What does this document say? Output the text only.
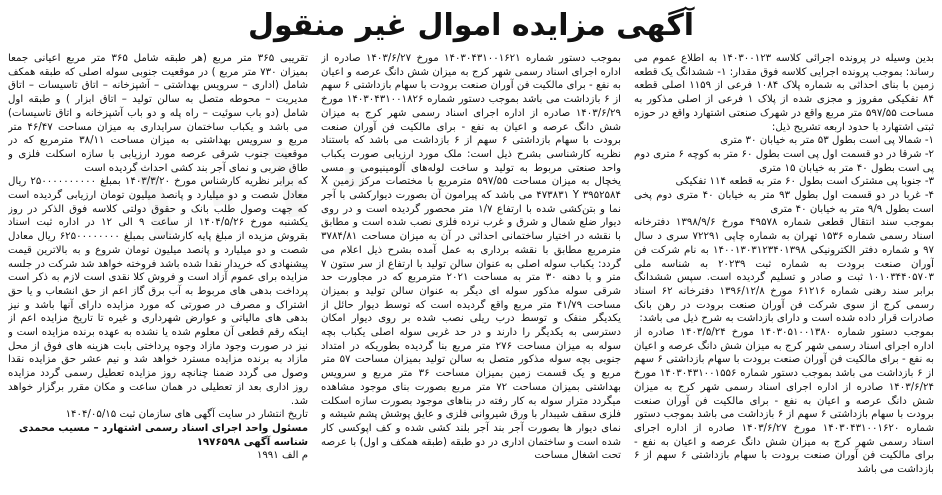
آگهی مزایده اموال غیر منقول

بدین وسیله در پرونده اجرائی کلاسه ۱۴۰۳۰۰۱۲۳ به اطلاع عموم می رساند: بموجب پرونده اجرایی کلاسه فوق مقدار: ۱- ششدانگ یک قطعه زمین با بنای احداثی به شماره پلاک ۱۰۸۴ فرعی از ۱۱۵۹ اصلی قطعه ۸۴ تفکیکی مفروز و مجزی شده از پلاک ۱ فرعی از اصلی مذکور به مساحت ۵۹۷/۵۵ متر مربع واقع در شهرک صنعتی اشتهارد واقع در حوزه ثبتی اشتهارد با حدود اربعه تشریح ذیل:

۱- شمالا پی است بطول ۵۳ متر به خیابان ۳۰ متری

۲- شرقا در دو قسمت اول پی است بطول ۶۰ متر به کوچه ۶ متری دوم پی است بطول ۴۰ متر به خیابان ۱۵ متری

۳- جنوبا پی مشترک است بطول ۶۰ متر به قطعه ۱۱۴ تفکیکی

۴- غربا در دو قسمت اول بطول ۹۳ متر به خیابان ۴۰ متری دوم پخی است بطول ۹/۹ متر به خیابان ۴۰ متری

بموجب سند انتقال قطعی شماره ۴۹۵۷۸ مورخ ۱۳۹۸/۹/۶ دفترخانه اسناد رسمی شماره ۱۵۳۶ تهران به شماره چاپی ۷۲۲۹۱ سری د سال ۹۷ و شماره دفتر الکترونیکی ۱۴۰۰۱۳۰۳۱۲۳۴۰۱۳۹۸ به نام شرکت فن آوران صنعت برودت به شماره ثبت ۲۰۲۳۹ به شناسه ملی ۱۰۱۰۳۴۴۰۵۷۰۳ ثبت و صادر و تسلیم گردیده است. سپس ششدانگ برابر سند رهنی شماره ۶۱۲۱۶ مورخ ۱۳۹۶/۱۲/۸ دفترخانه ۶۲ اسناد رسمی کرج از سوی شرکت فن آوران صنعت برودت در رهن بانک صادرات قرار داده شده است و دارای بازداشت به شرح ذیل می باشد:

بموجب دستور شماره ۱۴۰۳۰۵۱۰۰۱۳۸۰ مورخ ۱۴۰۳/۵/۲۴ صادره از اداره اجرای اسناد رسمی شهر کرج به میزان شش دانگ عرصه و اعیان به نفع - برای مالکیت فن آوران صنعت برودت با سهام بازداشتی ۶ سهم از ۶ بازداشت می باشد بموجب دستور شماره ۱۴۰۳۰۴۳۱۰۰۱۵۵۶ مورخ ۱۴۰۳/۶/۲۴ صادره از اداره اجرای اسناد رسمی شهر کرج به میزان شش دانگ عرصه و اعیان به نفع - برای مالکیت فن آوران صنعت برودت با سهام بازداشتی ۶ سهم از ۶ بازداشت می باشد بموجب دستور شماره ۱۴۰۳۰۴۳۱۰۰۱۶۲۰ مورخ ۱۴۰۳/۶/۲۷ صادره از اداره اجرای اسناد رسمی شهر کرج به میزان شش دانگ عرصه و اعیان به نفع - برای مالکیت فن آوران صنعت برودت با سهام بازداشتی ۶ سهم از ۶ بازداشت می باشد

بموجب دستور شماره ۱۴۰۳۰۴۳۱۰۰۱۶۲۱ مورخ ۱۴۰۳/۶/۲۷ صادره از اداره اجرای اسناد رسمی شهر کرج به میزان شش دانگ عرصه و اعیان به نفع - برای مالکیت فن آوران صنعت برودت با سهام بازداشتی ۶ سهم از ۶ بازداشت می باشد بموجب دستور شماره ۱۴۰۳۰۴۳۱۰۰۱۸۲۶ مورخ ۱۴۰۳/۶/۲۹ صادره از اداره اجرای اسناد رسمی شهر کرج به میزان شش دانگ عرصه و اعیان به نفع - برای مالکیت فن آوران صنعت برودت با سهام بازداشتی ۶ سهم از ۶ بازداشت می باشد که باستناد نظریه کارشناسی بشرح ذیل است: ملک مورد ارزیابی صورت یکباب واحد صنعتی مربوط به تولید و ساخت لوله‌های آلومینیومی و مسی یخچال به میزان مساحت ۵۹۷/۵۵ مترمربع با مختصات مرکز زمین X ۴۷۳۸۳۱ Y ۳۹۵۲۵۸۴ می باشد که پیرامون آن بصورت دیوارکشی با آجر نما و بتن‌کشی شده با ارتفاع ۱/۷ متر محصور گردیده است و در روی دیوار ضلع شمال و شرق و غرب نرده فلزی نصب شده است و مطابق با نقشه در اختیار ساختمانی احداثی در آن به میزان مساحت ۳۷۸۴/۸۱ مترمربع مطابق با نقشه برداری به عمل آمده بشرح ذیل اعلام می گردد: یکباب سوله اصلی به عنوان سالن تولید با ارتفاع از سر ستون ۷ متر و با دهنه ۳۰ متر به مساحت ۲۰۲۱ مترمربع که در مجاورت حد شرقی سوله مذکور سوله ای دیگر به عنوان سالن تولید و بمیزان مساحت ۴۱/۷۹ متر مربع واقع گردیده است که توسط دیوار حائل از یکدیگر منفک و توسط درب ریلی نصب شده بر روی دیوار امکان دسترسی به یکدیگر را دارند و در حد غربی سوله اصلی یکباب بچه سوله به میزان مساحت ۲۷۶ متر مربع بنا گردیده بطوریکه در امتداد جنوبی بچه سوله مذکور متصل به سالن تولید بمیزان مساحت ۵۷ متر مربع و یک قسمت زمین بمیزان مساحت ۳۶ متر مربع و سرویس بهداشتی بمیزان مساحت ۷۲ متر مربع بصورت بنای موجود مشاهده میگردد مترار سوله به کار رفته در بناهای موجود بصورت سازه اسکلت فلزی سقف شیبدار با ورق شیروانی فلزی و عایق پوشش پشم شیشه و نمای دیوار ها بصورت آجر بند آجر بلند کشی شده و کف اپوکسی کار شده است و ساختمان اداری در دو طبقه (طبقه همکف و اول) با عرصه تحت اشغال مساحت

تقریبی ۳۶۵ متر مربع (هر طبقه شامل ۳۶۵ متر مربع اعیانی جمعا بمیزان ۷۳۰ متر مربع ) در موقعیت جنوبی سوله اصلی که طبقه همکف شامل (اداری – سرویس بهداشتی – آشپزخانه – اتاق تاسیسات – اتاق مدیریت – محوطه متصل به سالن تولید – اتاق ابزار ) و طبقه اول شامل (دو باب سوئیت – راه پله و دو باب آشپزخانه و اتاق تاسیسات) می باشد و یکباب ساختمان سرایداری به میزان مساحت ۴۶/۴۷ متر مربع و سرویس بهداشتی به میزان مساحت ۳۸/۱۱ مترمربع که در موقعیت جنوب شرقی عرصه مورد ارزیابی با سازه اسکلت فلزی و طاق ضربی و نمای آجر بند کشی احداث گردیده است

که برابر نظریه کارشناس مورخ ۱۴۰۳/۳/۲۰ بمبلغ ۲۵۰۰۰۰۰۰۰۰۰۰ ریال معادل شصت و دو میلیارد و پانصد میلیون تومان ارزیابی گردیده است که جهت وصول طلب بانک و حقوق دولتی کلاسه فوق الذکر در روز یکشنبه مورخ ۱۴۰۴/۵/۲۶ از ساعت ۹ الی ۱۲ در اداره ثبت اسناد بقروش مزیده از مبلغ پایه کارشناسی بمبلغ ۶۲۵۰۰۰۰۰۰۰۰ ریال معادل شصت و دو میلیارد و پانصد میلیون تومان شروع و به بالاترین قیمت پیشنهادی که خریدار نقدا شده باشد فروخته خواهد شد شرکت در جلسه مزایده برای عموم آزاد است و فروش کلا نقدی است لازم به ذکر است پرداخت بدهی های مربوط به آب برق گاز اعم از حق انشعاب و یا حق اشتراک و مصرف در صورتی که مورد مزایده دارای آنها باشد و نیز بدهی های مالیاتی و عوارض شهرداری و غیره تا تاریخ مزایده اعم از اینکه رقم قطعی آن معلوم شده یا نشده به عهده برنده مزایده است و نیز در صورت وجود مازاد وجوه پرداختی بابت هزینه های فوق از محل مازاد به برنده مزایده مسترد خواهد شد و نیم عشر حق مزایده نقدا وصول می گردد ضمنا چنانچه روز مزایده تعطیل رسمی گردد مزایده روز اداری بعد از تعطیلی در همان ساعت و مکان مقرر برگزار خواهد شد.

تاریخ انتشار در سایت آگهی های سازمان ثبت ۱۴۰۴/۰۵/۱۵

مسئول واحد اجرای اسناد رسمی اشتهارد – مسیب محمدی

شناسه آگهی ۱۹۷۶۵۹۸

م الف ۱۹۹۱
